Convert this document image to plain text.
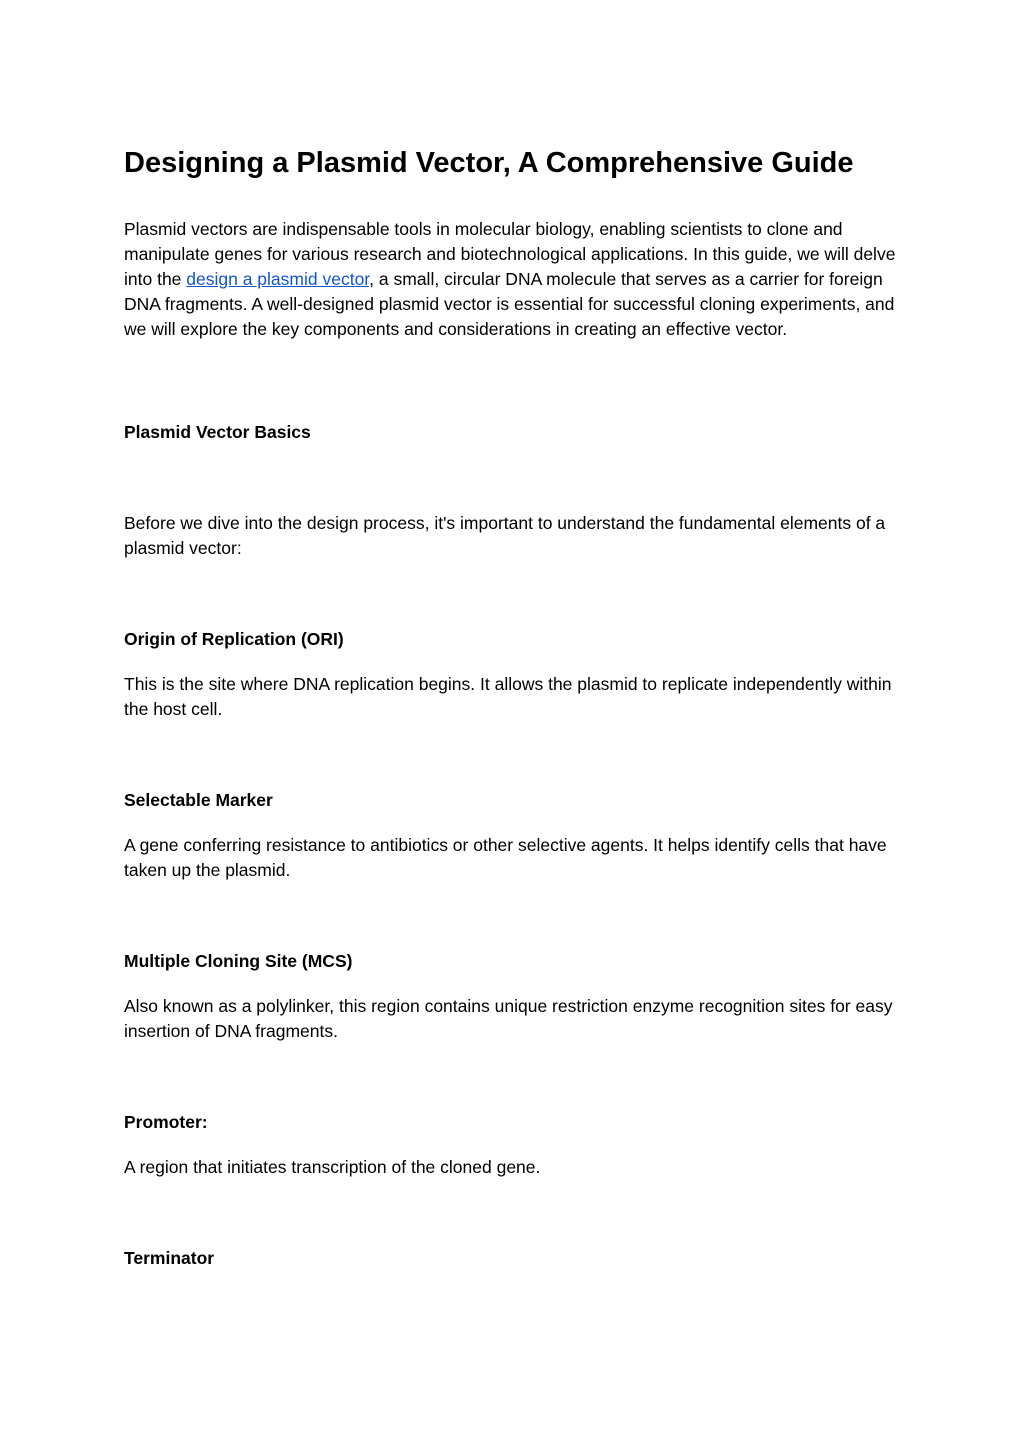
Designing a Plasmid Vector, A Comprehensive Guide

Plasmid vectors are indispensable tools in molecular biology, enabling scientists to clone and manipulate genes for various research and biotechnological applications. In this guide, we will delve into the design a plasmid vector, a small, circular DNA molecule that serves as a carrier for foreign DNA fragments. A well-designed plasmid vector is essential for successful cloning experiments, and we will explore the key components and considerations in creating an effective vector.

Plasmid Vector Basics

Before we dive into the design process, it's important to understand the fundamental elements of a plasmid vector:

Origin of Replication (ORI)

This is the site where DNA replication begins. It allows the plasmid to replicate independently within the host cell.

Selectable Marker

A gene conferring resistance to antibiotics or other selective agents. It helps identify cells that have taken up the plasmid.

Multiple Cloning Site (MCS)

Also known as a polylinker, this region contains unique restriction enzyme recognition sites for easy insertion of DNA fragments.

Promoter:

A region that initiates transcription of the cloned gene.

Terminator
